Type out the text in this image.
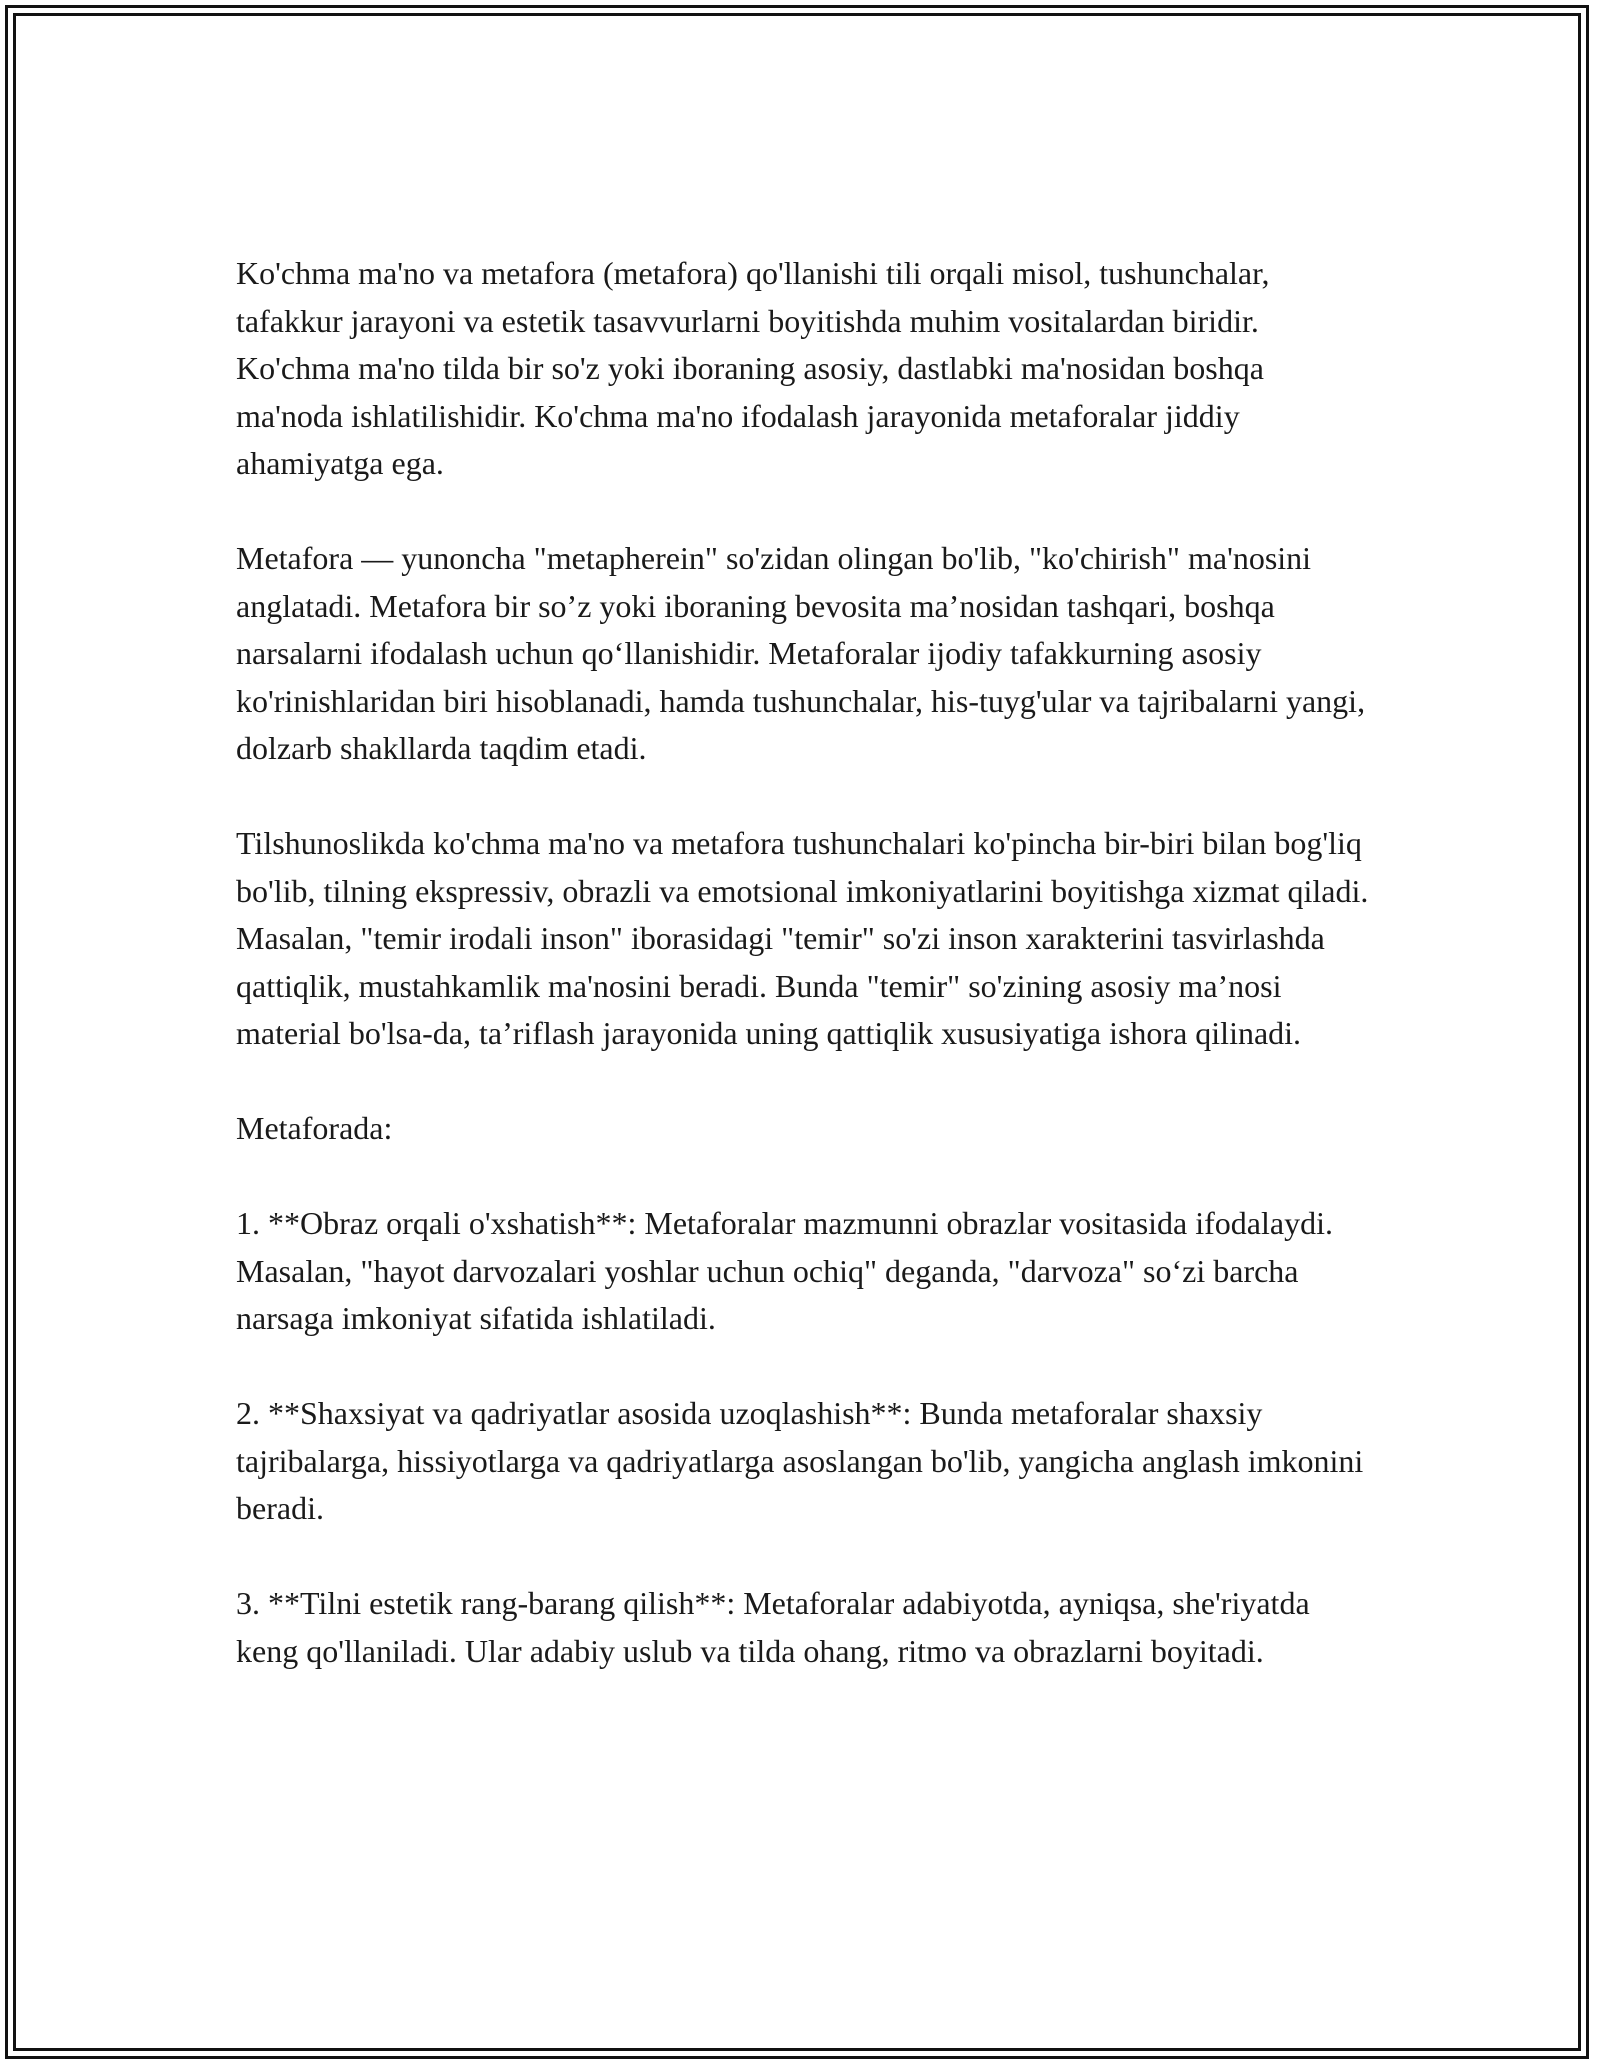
Ko'chma ma'no va metafora (metafora) qo'llanishi tili orqali misol, tushunchalar, tafakkur jarayoni va estetik tasavvurlarni boyitishda muhim vositalardan biridir. Ko'chma ma'no tilda bir so'z yoki iboraning asosiy, dastlabki ma'nosidan boshqa ma'noda ishlatilishidir. Ko'chma ma'no ifodalash jarayonida metaforalar jiddiy ahamiyatga ega.

Metafora — yunoncha "metapherein" so'zidan olingan bo'lib, "ko'chirish" ma'nosini anglatadi. Metafora bir so’z yoki iboraning bevosita ma’nosidan tashqari, boshqa narsalarni ifodalash uchun qo‘llanishidir. Metaforalar ijodiy tafakkurning asosiy ko'rinishlaridan biri hisoblanadi, hamda tushunchalar, his-tuyg'ular va tajribalarni yangi, dolzarb shakllarda taqdim etadi.

Tilshunoslikda ko'chma ma'no va metafora tushunchalari ko'pincha bir-biri bilan bog'liq bo'lib, tilning ekspressiv, obrazli va emotsional imkoniyatlarini boyitishga xizmat qiladi. Masalan, "temir irodali inson" iborasidagi "temir" so'zi inson xarakterini tasvirlashda qattiqlik, mustahkamlik ma'nosini beradi. Bunda "temir" so'zining asosiy ma’nosi material bo'lsa-da, ta’riflash jarayonida uning qattiqlik xususiyatiga ishora qilinadi.

Metaforada:

1. **Obraz orqali o'xshatish**: Metaforalar mazmunni obrazlar vositasida ifodalaydi. Masalan, "hayot darvozalari yoshlar uchun ochiq" deganda, "darvoza" so‘zi barcha narsaga imkoniyat sifatida ishlatiladi.

2. **Shaxsiyat va qadriyatlar asosida uzoqlashish**: Bunda metaforalar shaxsiy tajribalarga, hissiyotlarga va qadriyatlarga asoslangan bo'lib, yangicha anglash imkonini beradi.

3. **Tilni estetik rang-barang qilish**: Metaforalar adabiyotda, ayniqsa, she'riyatda keng qo'llaniladi. Ular adabiy uslub va tilda ohang, ritmo va obrazlarni boyitadi.
